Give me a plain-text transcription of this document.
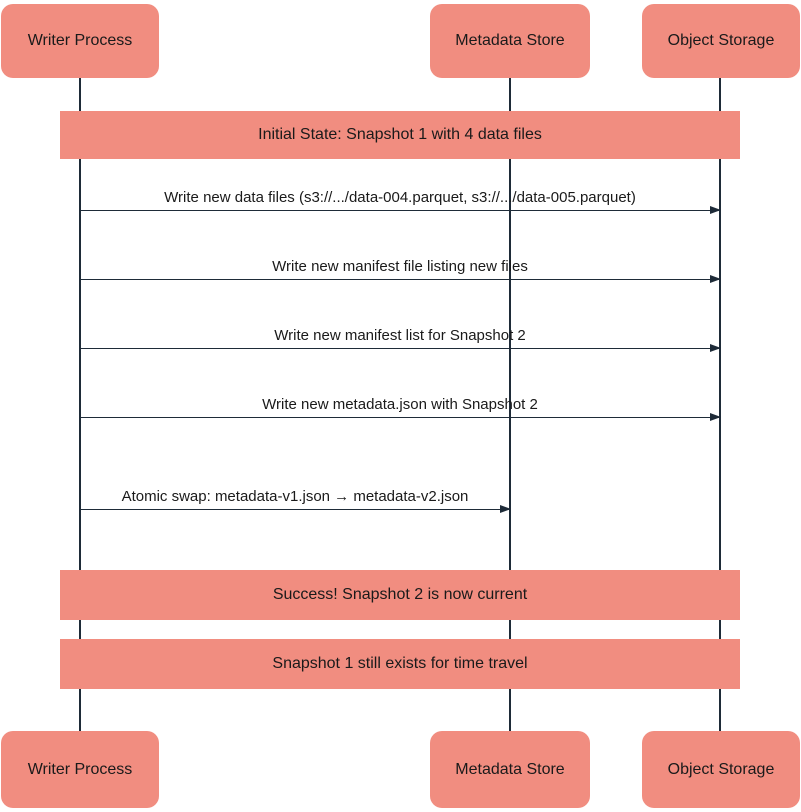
Writer Process	Metadata Store	Object Storage
Initial State: Snapshot 1 with 4 data files
Write new data files (s3://.../data-004.parquet, s3://.../data-005.parquet)
Write new manifest file listing new files
Write new manifest list for Snapshot 2
Write new metadata.json with Snapshot 2
Atomic swap: metadata-v1.json → metadata-v2.json
Success! Snapshot 2 is now current
Snapshot 1 still exists for time travel
Writer Process	Metadata Store	Object Storage
